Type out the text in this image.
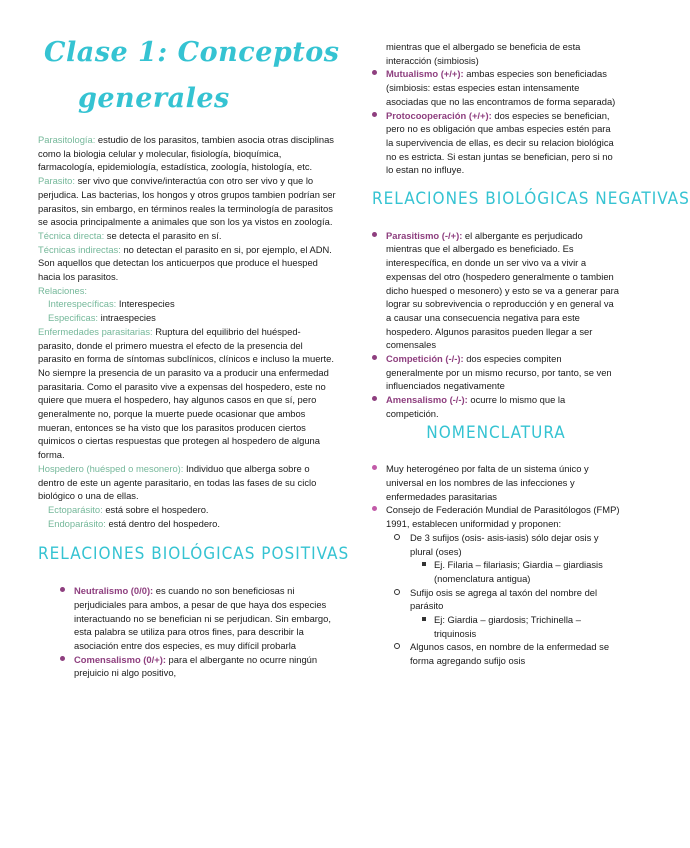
Clase 1: Conceptos
generales
Parasitología: estudio de los parasitos, tambien asocia otras disciplinas como la biologia celular y molecular, fisiología, bioquímica, farmacología, epidemiología, estadística, zoología, histología, etc.
Parasito: ser vivo que convive/interactúa con otro ser vivo y que lo perjudica. Las bacterias, los hongos y otros grupos tambien podrían ser parasitos, sin embargo, en términos reales la terminología de parasitos se asocia principalmente a animales que son los ya vistos en zoología.
Técnica directa: se detecta el parasito en sí.
Técnicas indirectas: no detectan el parasito en si, por ejemplo, el ADN. Son aquellos que detectan los anticuerpos que produce el huesped hacia los parasitos.
Relaciones:
Interespecíficas: Interespecies
Especificas: intraespecies
Enfermedades parasitarias: Ruptura del equilibrio del huésped- parasito, donde el primero muestra el efecto de la presencia del parasito en forma de síntomas subclínicos, clínicos e incluso la muerte. No siempre la presencia de un parasito va a producir una enfermedad parasitaria. Como el parasito vive a expensas del hospedero, este no quiere que muera el hospedero, hay algunos casos en que sí, pero generalmente no, porque la muerte puede ocasionar que ambos mueran, entonces se ha visto que los parasitos producen ciertos quimicos o ciertas respuestas que protegen al hospedero de alguna forma.
Hospedero (huésped o mesonero): Individuo que alberga sobre o dentro de este un agente parasitario, en todas las fases de su ciclo biológico o una de ellas.
Ectoparásito: está sobre el hospedero.
Endoparásito: está dentro del hospedero.
RELACIONES BIOLÓGICAS POSITIVAS
Neutralismo (0/0): es cuando no son beneficiosas ni perjudiciales para ambos, a pesar de que haya dos especies interactuando no se benefician ni se perjudican. Sin embargo, esta palabra se utiliza para otros fines, para describir la asociación entre dos especies, es muy difícil probarla
Comensalismo (0/+): para el albergante no ocurre ningún prejuicio ni algo positivo,
mientras que el albergado se beneficia de esta interacción (simbiosis)
Mutualismo (+/+): ambas especies son beneficiadas (simbiosis: estas especies estan intensamente asociadas que no las encontramos de forma separada)
Protocooperación (+/+): dos especies se benefician, pero no es obligación que ambas especies estén para la supervivencia de ellas, es decir su relacion biológica no es estricta. Si estan juntas se benefician, pero si no lo estan no influye.
RELACIONES BIOLÓGICAS NEGATIVAS
Parasitismo (-/+): el albergante es perjudicado mientras que el albergado es beneficiado. Es interespecífica, en donde un ser vivo va a vivir a expensas del otro (hospedero generalmente o tambien dicho huesped o mesonero) y esto se va a generar para lograr su sobrevivencia o reproducción y en general va a causar una consecuencia negativa para este hospedero. Algunos parasitos pueden llegar a ser comensales
Competición (-/-): dos especies compiten generalmente por un mismo recurso, por tanto, se ven influenciados negativamente
Amensalismo (-/-): ocurre lo mismo que la competición.
NOMENCLATURA
Muy heterogéneo por falta de un sistema único y universal en los nombres de las infecciones y enfermedades parasitarias
Consejo de Federación Mundial de Parasitólogos (FMP) 1991, establecen uniformidad y proponen:
De 3 sufijos (osis- asis-iasis) sólo dejar osis y plural (oses)
Ej. Filaria – filariasis; Giardia – giardiasis (nomenclatura antigua)
Sufijo osis se agrega al taxón del nombre del parásito
Ej: Giardia – giardosis; Trichinella – triquinosis
Algunos casos, en nombre de la enfermedad se forma agregando sufijo osis
